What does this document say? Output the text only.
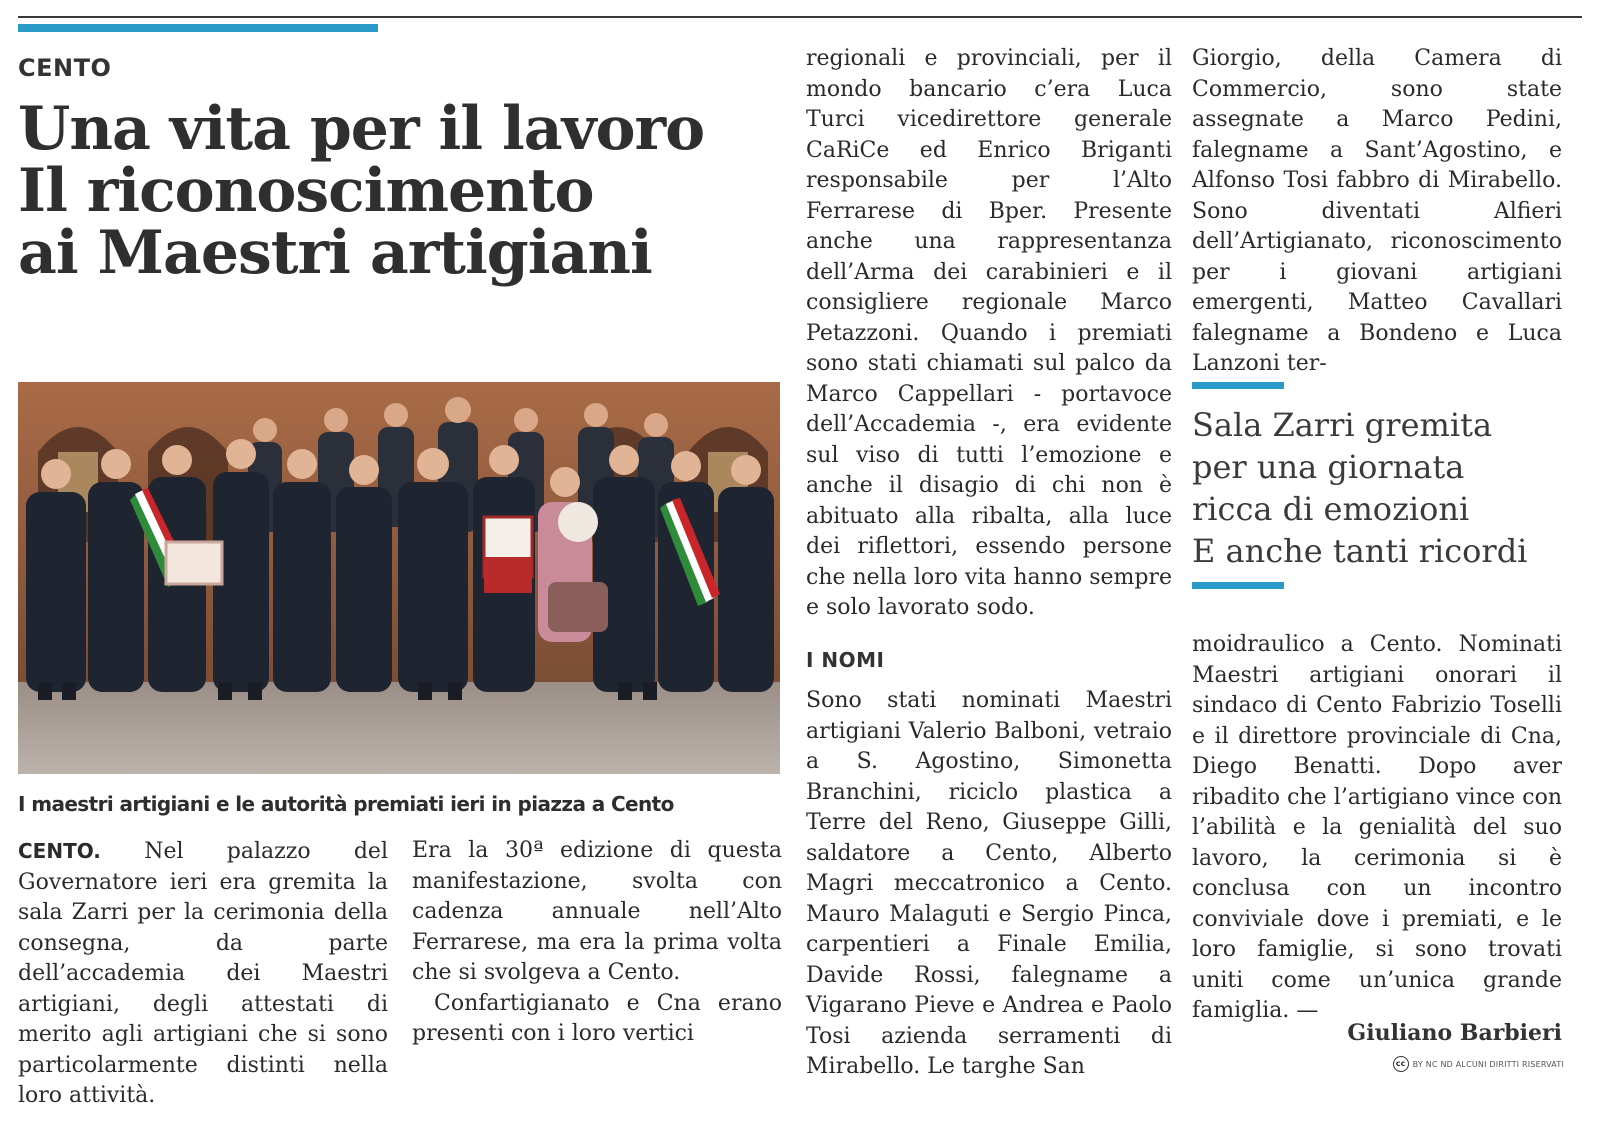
CENTO
Una vita per il lavoro
Il riconoscimento
ai Maestri artigiani
I maestri artigiani e le autorità premiati ieri in piazza a Cento

CENTO. Nel palazzo del Governatore ieri era gremita la sala Zarri per la cerimonia della consegna, da parte dell’accademia dei Maestri artigiani, degli attestati di merito agli artigiani che si sono particolarmente distinti nella loro attività.

Era la 30ª edizione di questa manifestazione, svolta con cadenza annuale nell’Alto Ferrarese, ma era la prima volta che si svolgeva a Cento.

Confartigianato e Cna erano presenti con i loro vertici

regionali e provinciali, per il mondo bancario c’era Luca Turci vicedirettore generale CaRiCe ed Enrico Briganti responsabile per l’Alto Ferrarese di Bper. Presente anche una rappresentanza dell’Arma dei carabinieri e il consigliere regionale Marco Petazzoni. Quando i premiati sono stati chiamati sul palco da Marco Cappellari - portavoce dell’Accademia -, era evidente sul viso di tutti l’emozione e anche il disagio di chi non è abituato alla ribalta, alla luce dei riflettori, essendo persone che nella loro vita hanno sempre e solo lavorato sodo.

I NOMI

Sono stati nominati Maestri artigiani Valerio Balboni, vetraio a S. Agostino, Simonetta Branchini, riciclo plastica a Terre del Reno, Giuseppe Gilli, saldatore a Cento, Alberto Magri meccatronico a Cento. Mauro Malaguti e Sergio Pinca, carpentieri a Finale Emilia, Davide Rossi, falegname a Vigarano Pieve e Andrea e Paolo Tosi azienda serramenti di Mirabello. Le targhe San

Giorgio, della Camera di Commercio, sono state assegnate a Marco Pedini, falegname a Sant’Agostino, e Alfonso Tosi fabbro di Mirabello. Sono diventati Alfieri dell’Artigianato, riconoscimento per i giovani artigiani emergenti, Matteo Cavallari falegname a Bondeno e Luca Lanzoni ter-

Sala Zarri gremita
per una giornata
ricca di emozioni
E anche tanti ricordi

moidraulico a Cento. Nominati Maestri artigiani onorari il sindaco di Cento Fabrizio Toselli e il direttore provinciale di Cna, Diego Benatti. Dopo aver ribadito che l’artigiano vince con l’abilità e la genialità del suo lavoro, la cerimonia si è conclusa con un incontro conviviale dove i premiati, e le loro famiglie, si sono trovati uniti come un’unica grande famiglia. —

Giuliano Barbieri
cc BY NC ND ALCUNI DIRITTI RISERVATI
